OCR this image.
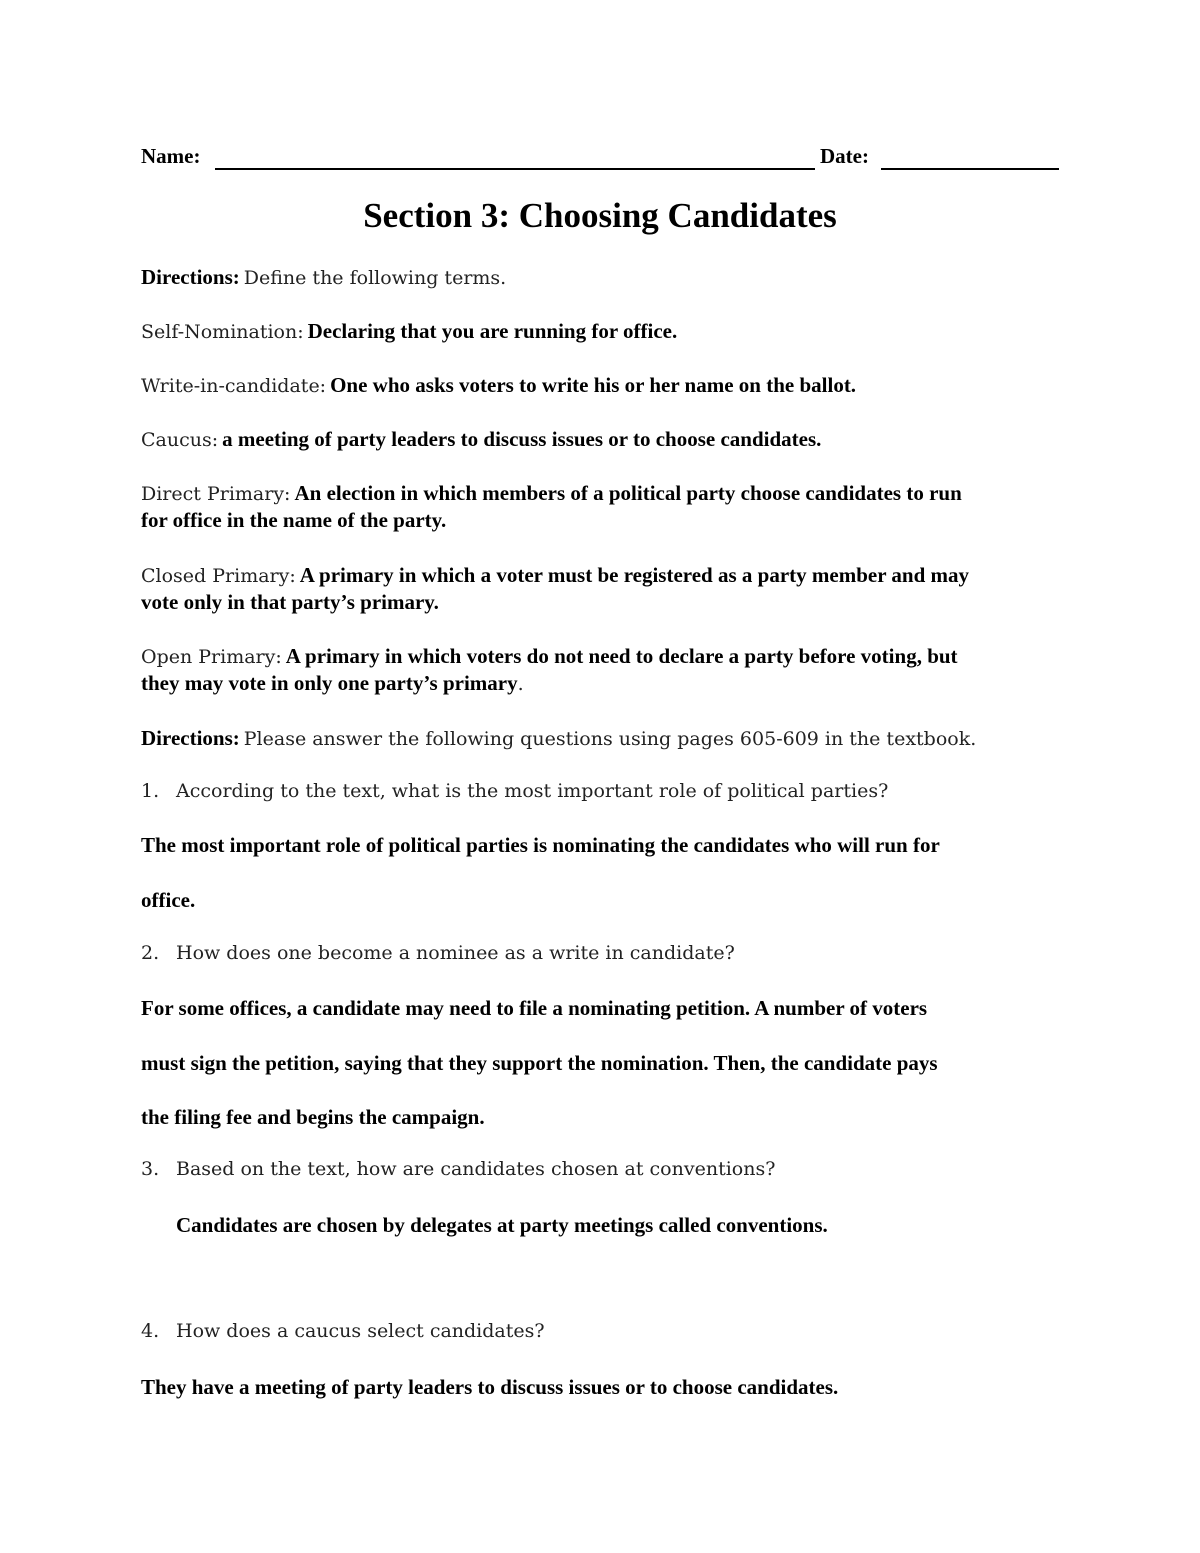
Name:	Date:
Section 3: Choosing Candidates
Directions: Define the following terms.
Self-Nomination: Declaring that you are running for office.
Write-in-candidate: One who asks voters to write his or her name on the ballot.
Caucus: a meeting of party leaders to discuss issues or to choose candidates.
Direct Primary: An election in which members of a political party choose candidates to run
for office in the name of the party.
Closed Primary: A primary in which a voter must be registered as a party member and may
vote only in that party’s primary.
Open Primary: A primary in which voters do not need to declare a party before voting, but
they may vote in only one party’s primary.
Directions: Please answer the following questions using pages 605-609 in the textbook.
1. According to the text, what is the most important role of political parties?
The most important role of political parties is nominating the candidates who will run for
office.
2. How does one become a nominee as a write in candidate?
For some offices, a candidate may need to file a nominating petition. A number of voters
must sign the petition, saying that they support the nomination. Then, the candidate pays
the filing fee and begins the campaign.
3. Based on the text, how are candidates chosen at conventions?
Candidates are chosen by delegates at party meetings called conventions.
4. How does a caucus select candidates?
They have a meeting of party leaders to discuss issues or to choose candidates.
